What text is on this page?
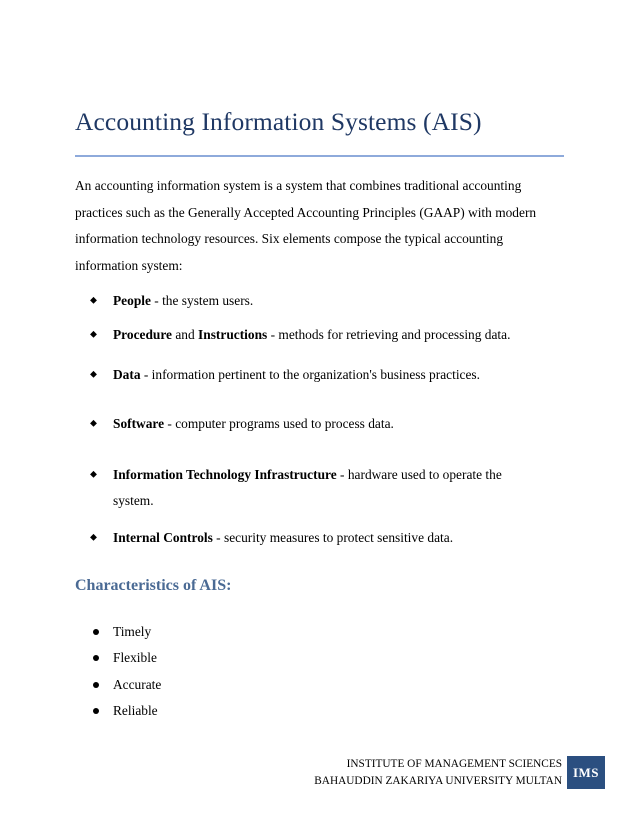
Accounting Information Systems (AIS)

An accounting information system is a system that combines traditional accounting practices such as the Generally Accepted Accounting Principles (GAAP) with modern information technology resources. Six elements compose the typical accounting information system:

⬥ People - the system users.
⬥ Procedure and Instructions - methods for retrieving and processing data.
⬥ Data - information pertinent to the organization's business practices.
⬥ Software - computer programs used to process data.
⬥ Information Technology Infrastructure - hardware used to operate the system.
⬥ Internal Controls - security measures to protect sensitive data.
Characteristics of AIS:
Timely
Flexible
Accurate
Reliable
INSTITUTE OF MANAGEMENT SCIENCES
BAHAUDDIN ZAKARIYA UNIVERSITY MULTAN
IMS
